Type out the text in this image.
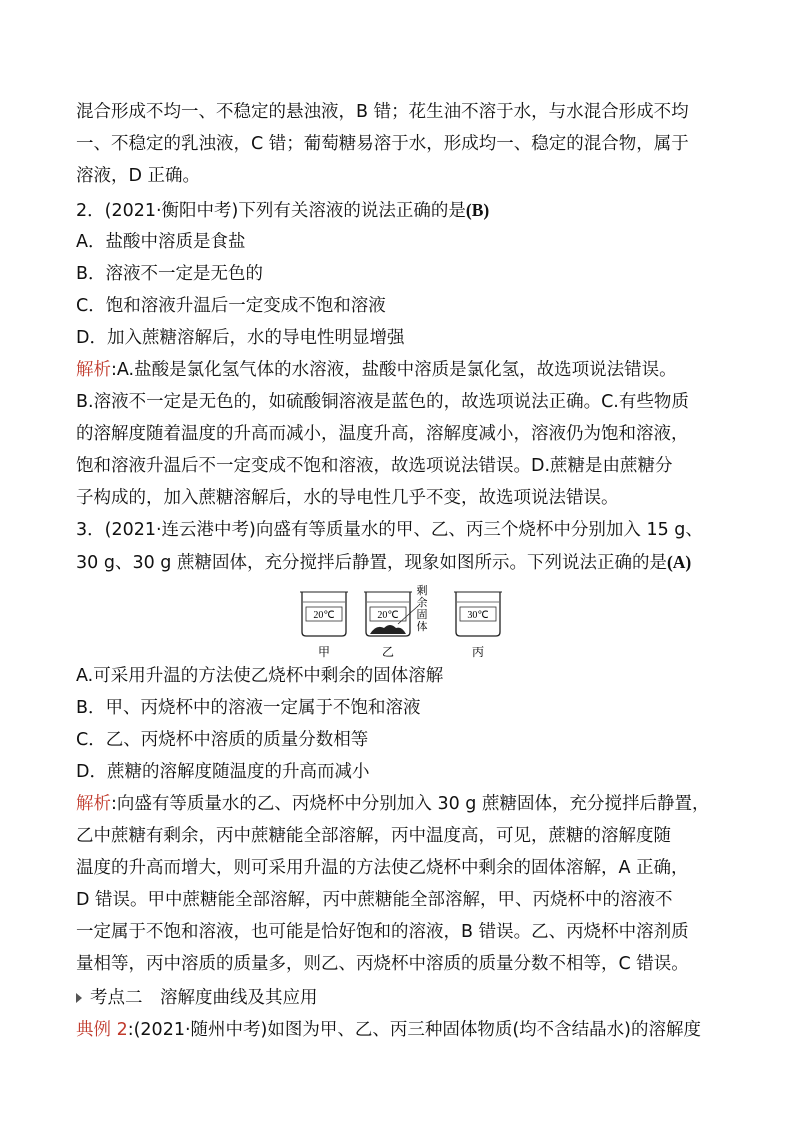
混合形成不均一、不稳定的悬浊液，B 错；花生油不溶于水，与水混合形成不均
一、不稳定的乳浊液，C 错；葡萄糖易溶于水，形成均一、稳定的混合物，属于
溶液，D 正确。
2．(2021·衡阳中考)下列有关溶液的说法正确的是(B)
A．盐酸中溶质是食盐
B．溶液不一定是无色的
C．饱和溶液升温后一定变成不饱和溶液
D．加入蔗糖溶解后，水的导电性明显增强
解析:A.盐酸是氯化氢气体的水溶液，盐酸中溶质是氯化氢，故选项说法错误。
B.溶液不一定是无色的，如硫酸铜溶液是蓝色的，故选项说法正确。C.有些物质
的溶解度随着温度的升高而减小，温度升高，溶解度减小，溶液仍为饱和溶液，
饱和溶液升温后不一定变成不饱和溶液，故选项说法错误。D.蔗糖是由蔗糖分
子构成的，加入蔗糖溶解后，水的导电性几乎不变，故选项说法错误。
3．(2021·连云港中考)向盛有等质量水的甲、乙、丙三个烧杯中分别加入 15 g、
30 g、30 g 蔗糖固体，充分搅拌后静置，现象如图所示。下列说法正确的是(A)
20℃
甲
20℃
乙
剩
余
固
体
30℃
丙
A.可采用升温的方法使乙烧杯中剩余的固体溶解
B．甲、丙烧杯中的溶液一定属于不饱和溶液
C．乙、丙烧杯中溶质的质量分数相等
D．蔗糖的溶解度随温度的升高而减小
解析:向盛有等质量水的乙、丙烧杯中分别加入 30 g 蔗糖固体，充分搅拌后静置，
乙中蔗糖有剩余，丙中蔗糖能全部溶解，丙中温度高，可见，蔗糖的溶解度随
温度的升高而增大，则可采用升温的方法使乙烧杯中剩余的固体溶解，A 正确，
D 错误。甲中蔗糖能全部溶解，丙中蔗糖能全部溶解，甲、丙烧杯中的溶液不
一定属于不饱和溶液，也可能是恰好饱和的溶液，B 错误。乙、丙烧杯中溶剂质
量相等，丙中溶质的质量多，则乙、丙烧杯中溶质的质量分数不相等，C 错误。
考点二　溶解度曲线及其应用
典例 2:(2021·随州中考)如图为甲、乙、丙三种固体物质(均不含结晶水)的溶解度
